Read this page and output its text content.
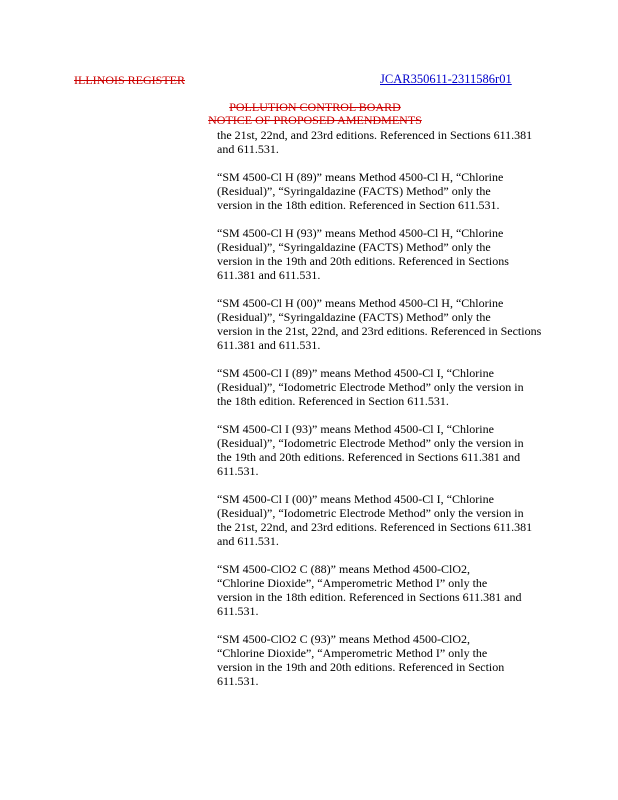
ILLINOIS REGISTER	JCAR350611-2311586r01
POLLUTION CONTROL BOARD
NOTICE OF PROPOSED AMENDMENTS
the 21st, 22nd, and 23rd editions. Referenced in Sections 611.381
and 611.531.
“SM 4500-Cl H (89)” means Method 4500-Cl H, “Chlorine
(Residual)”, “Syringaldazine (FACTS) Method” only the
version in the 18th edition. Referenced in Section 611.531.
“SM 4500-Cl H (93)” means Method 4500-Cl H, “Chlorine
(Residual)”, “Syringaldazine (FACTS) Method” only the
version in the 19th and 20th editions. Referenced in Sections
611.381 and 611.531.
“SM 4500-Cl H (00)” means Method 4500-Cl H, “Chlorine
(Residual)”, “Syringaldazine (FACTS) Method” only the
version in the 21st, 22nd, and 23rd editions. Referenced in Sections
611.381 and 611.531.
“SM 4500-Cl I (89)” means Method 4500-Cl I, “Chlorine
(Residual)”, “Iodometric Electrode Method” only the version in
the 18th edition. Referenced in Section 611.531.
“SM 4500-Cl I (93)” means Method 4500-Cl I, “Chlorine
(Residual)”, “Iodometric Electrode Method” only the version in
the 19th and 20th editions. Referenced in Sections 611.381 and
611.531.
“SM 4500-Cl I (00)” means Method 4500-Cl I, “Chlorine
(Residual)”, “Iodometric Electrode Method” only the version in
the 21st, 22nd, and 23rd editions. Referenced in Sections 611.381
and 611.531.
“SM 4500-ClO2 C (88)” means Method 4500-ClO2,
“Chlorine Dioxide”, “Amperometric Method I” only the
version in the 18th edition. Referenced in Sections 611.381 and
611.531.
“SM 4500-ClO2 C (93)” means Method 4500-ClO2,
“Chlorine Dioxide”, “Amperometric Method I” only the
version in the 19th and 20th editions. Referenced in Section
611.531.
